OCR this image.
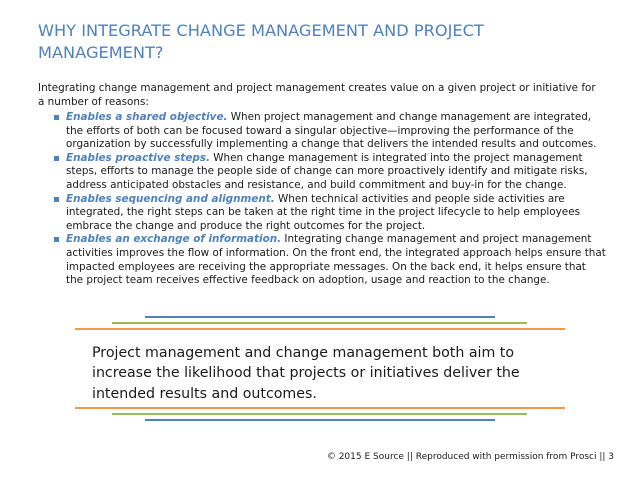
WHY INTEGRATE CHANGE MANAGEMENT AND PROJECT MANAGEMENT?
Integrating change management and project management creates value on a given project or initiative for a number of reasons:
Enables a shared objective. When project management and change management are integrated, the efforts of both can be focused toward a singular objective—improving the performance of the organization by successfully implementing a change that delivers the intended results and outcomes.
Enables proactive steps. When change management is integrated into the project management steps, efforts to manage the people side of change can more proactively identify and mitigate risks, address anticipated obstacles and resistance, and build commitment and buy-in for the change.
Enables sequencing and alignment. When technical activities and people side activities are integrated, the right steps can be taken at the right time in the project lifecycle to help employees embrace the change and produce the right outcomes for the project.
Enables an exchange of information. Integrating change management and project management activities improves the flow of information. On the front end, the integrated approach helps ensure that impacted employees are receiving the appropriate messages. On the back end, it helps ensure that the project team receives effective feedback on adoption, usage and reaction to the change.
Project management and change management both aim to increase the likelihood that projects or initiatives deliver the intended results and outcomes.
© 2015 E Source || Reproduced with permission from Prosci || 3
